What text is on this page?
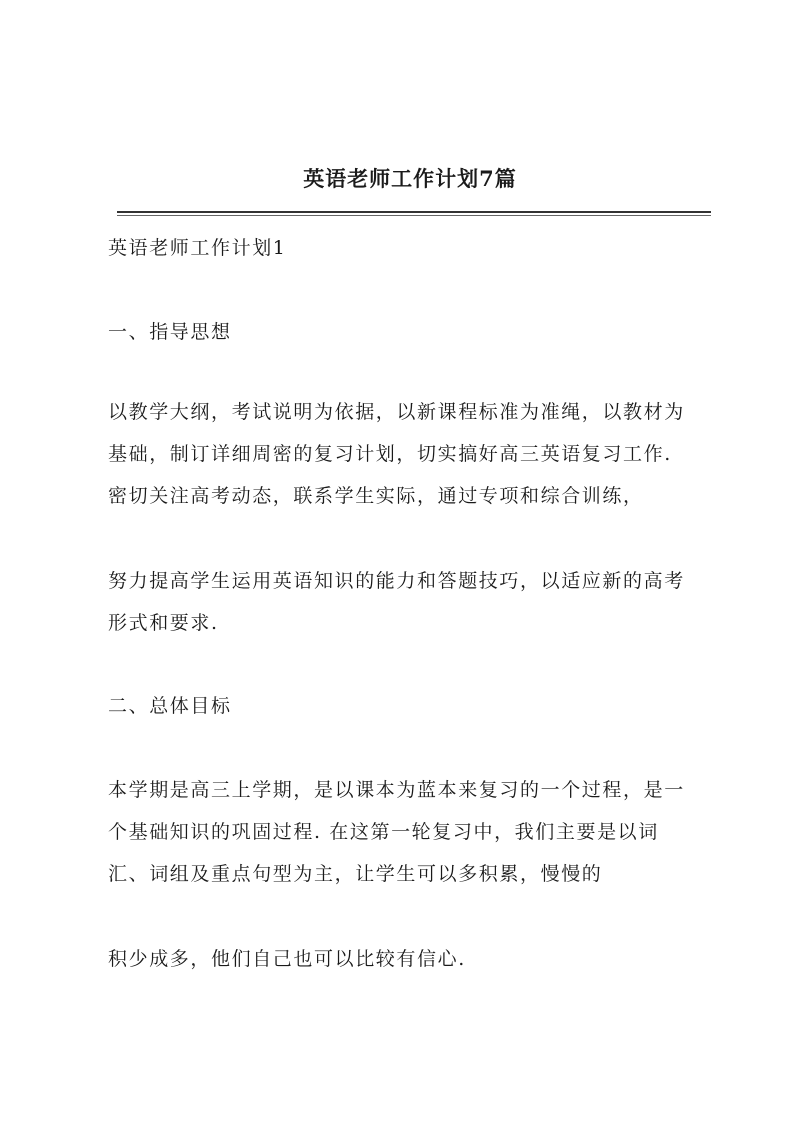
英语老师工作计划7篇
英语老师工作计划1
一、指导思想
以教学大纲，考试说明为依据，以新课程标准为准绳，以教材为
基础，制订详细周密的复习计划，切实搞好高三英语复习工作.
密切关注高考动态，联系学生实际，通过专项和综合训练，
努力提高学生运用英语知识的能力和答题技巧，以适应新的高考
形式和要求.
二、总体目标
本学期是高三上学期，是以课本为蓝本来复习的一个过程，是一
个基础知识的巩固过程. 在这第一轮复习中，我们主要是以词
汇、词组及重点句型为主，让学生可以多积累，慢慢的
积少成多，他们自己也可以比较有信心.
